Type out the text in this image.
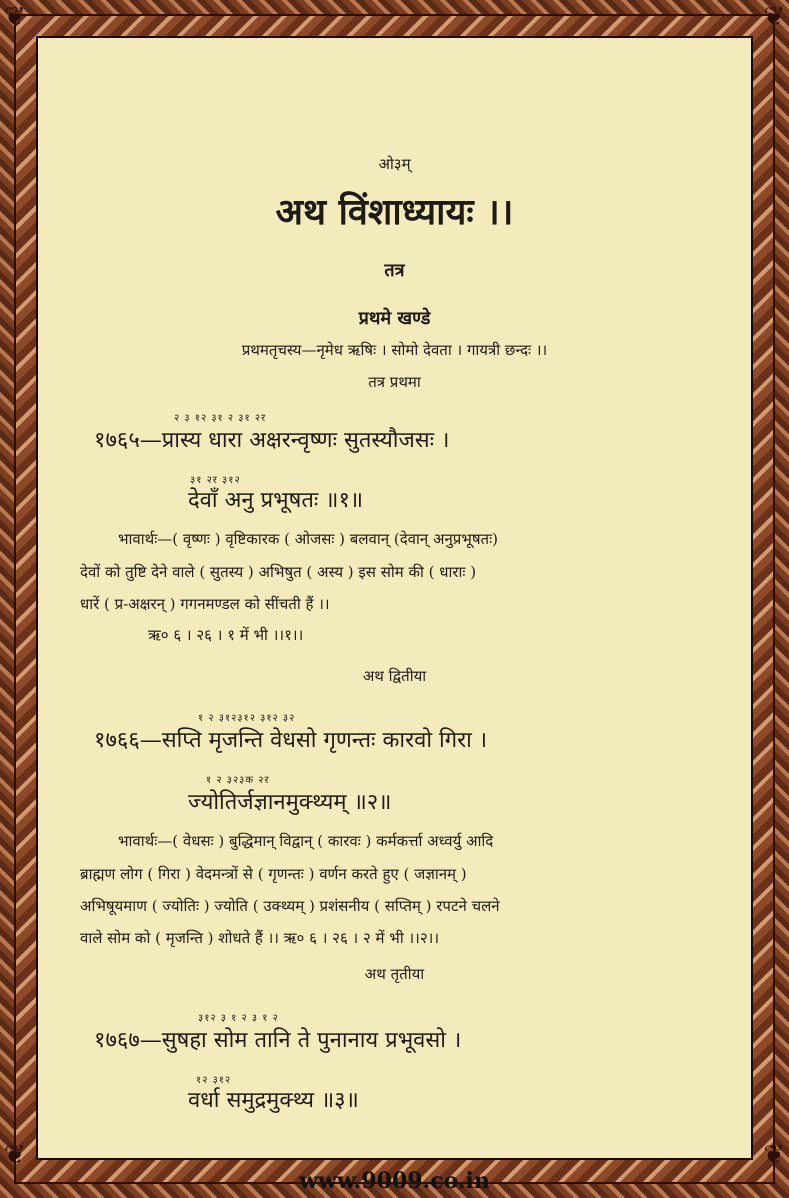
❦	❦
❦	❦
ओ३म्
अथ विंशाध्यायः ।।
तत्र
प्रथमे खण्डे
प्रथमतृचस्य—नृमेध ऋषिः । सोमो देवता । गायत्री छन्दः ।।
तत्र प्रथमा
२ ३ १२ ३१ २ ३१ २र
१७६५—प्रास्य धारा अक्षरन्वृष्णः सुतस्यौजसः ।
३१ २र ३१२
देवाँ अनु प्रभूषतः ॥१॥
भावार्थः—( वृष्णः ) वृष्टिकारक ( ओजसः ) बलवान् (देवान् अनुप्रभूषतः)
देवों को तुष्टि देने वाले ( सुतस्य ) अभिषुत ( अस्य ) इस सोम की ( धाराः )
धारें ( प्र-अक्षरन् ) गगनमण्डल को सींचती हैं ।।
ऋ० ६ । २६ । १ में भी ।।१।।
अथ द्वितीया
१ २ ३१२३१२ ३१२ ३२
१७६६—सप्ति मृजन्ति वेधसो गृणन्तः कारवो गिरा ।
१ २ ३२३क २र
ज्योतिर्जज्ञानमुक्थ्यम् ॥२॥
भावार्थः—( वेधसः ) बुद्धिमान् विद्वान् ( कारवः ) कर्मकर्त्ता अध्वर्यु आदि
ब्राह्मण लोग ( गिरा ) वेदमन्त्रों से ( गृणन्तः ) वर्णन करते हुए ( जज्ञानम् )
अभिषूयमाण ( ज्योतिः ) ज्योति ( उक्थ्यम् ) प्रशंसनीय ( सप्तिम् ) रपटने चलने
वाले सोम को ( मृजन्ति ) शोधते हैं ।। ऋ० ६ । २६ । २ में भी ।।२।।
अथ तृतीया
३१२ ३ १ २ ३ १ २
१७६७—सुषहा सोम तानि ते पुनानाय प्रभूवसो ।
१२ ३१२
वर्धा समुद्रमुक्थ्य ॥३॥
www.9009.co.in
